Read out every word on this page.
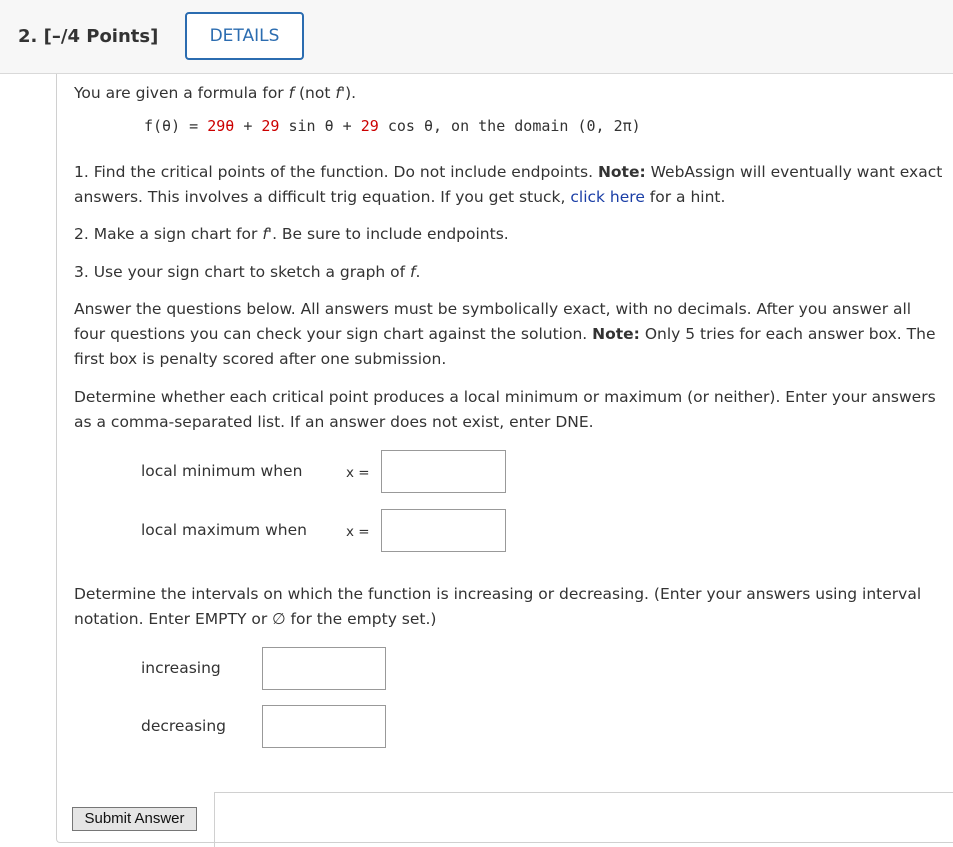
2. [–/4 Points]	DETAILS
You are given a formula for f (not f').
f(θ) = 29θ + 29 sin θ + 29 cos θ, on the domain (0, 2π)
1. Find the critical points of the function. Do not include endpoints. Note: WebAssign will eventually want exact answers. This involves a difficult trig equation. If you get stuck, click here for a hint.
2. Make a sign chart for f'. Be sure to include endpoints.
3. Use your sign chart to sketch a graph of f.
Answer the questions below. All answers must be symbolically exact, with no decimals. After you answer all four questions you can check your sign chart against the solution. Note: Only 5 tries for each answer box. The first box is penalty scored after one submission.
Determine whether each critical point produces a local minimum or maximum (or neither). Enter your answers as a comma-separated list. If an answer does not exist, enter DNE.
local minimum when	x =
local maximum when	x =
Determine the intervals on which the function is increasing or decreasing. (Enter your answers using interval notation. Enter EMPTY or ∅ for the empty set.)
increasing
decreasing
Submit Answer
